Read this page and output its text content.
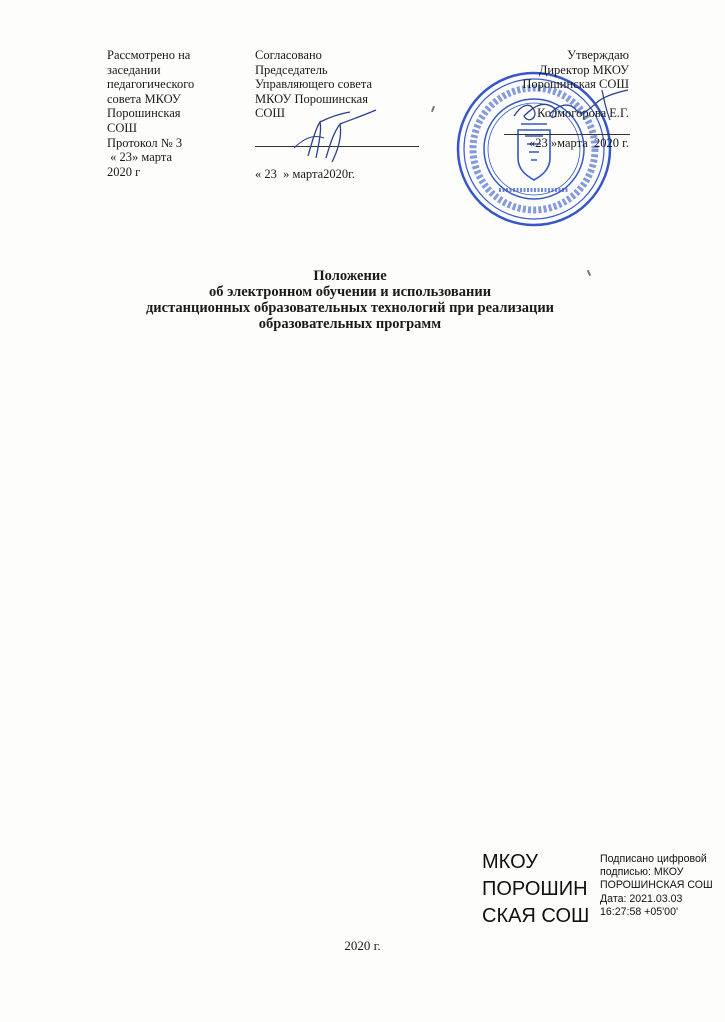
Рассмотрено на
заседании
педагогического
совета МКОУ
Порошинская
СОШ
Протокол № 3
« 23» марта
2020 г
Согласовано
Председатель
Управляющего совета
МКОУ Порошинская
СОШ
« 23  » марта2020г.
Утверждаю
Директор МКОУ
Порошинская СОШ
Колмогорова Е.Г.
«23 »марта  2020 г.
Положение
об электронном обучении и использовании
дистанционных образовательных технологий при реализации
образовательных программ
2020 г.
МКОУ
ПОРОШИН
СКАЯ СОШ
Подписано цифровой
подписью: МКОУ
ПОРОШИНСКАЯ СОШ
Дата: 2021.03.03
16:27:58 +05'00'
